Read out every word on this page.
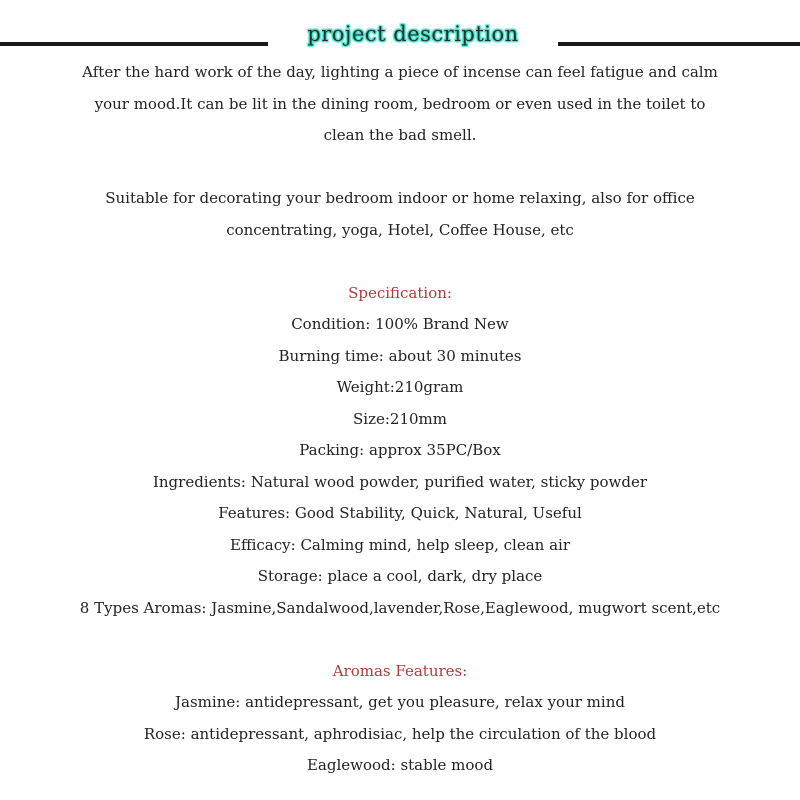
project description
After the hard work of the day, lighting a piece of incense can feel fatigue and calm
your mood.It can be lit in the dining room, bedroom or even used in the toilet to
clean the bad smell.
Suitable for decorating your bedroom indoor or home relaxing, also for office
concentrating, yoga, Hotel, Coffee House, etc
Specification:
Condition: 100% Brand New
Burning time: about 30 minutes
Weight:210gram
Size:210mm
Packing: approx 35PC/Box
Ingredients: Natural wood powder, purified water, sticky powder
Features: Good Stability, Quick, Natural, Useful
Efficacy: Calming mind, help sleep, clean air
Storage: place a cool, dark, dry place
8 Types Aromas: Jasmine,Sandalwood,lavender,Rose,Eaglewood, mugwort scent,etc
Aromas Features:
Jasmine: antidepressant, get you pleasure, relax your mind
Rose: antidepressant, aphrodisiac, help the circulation of the blood
Eaglewood: stable mood
